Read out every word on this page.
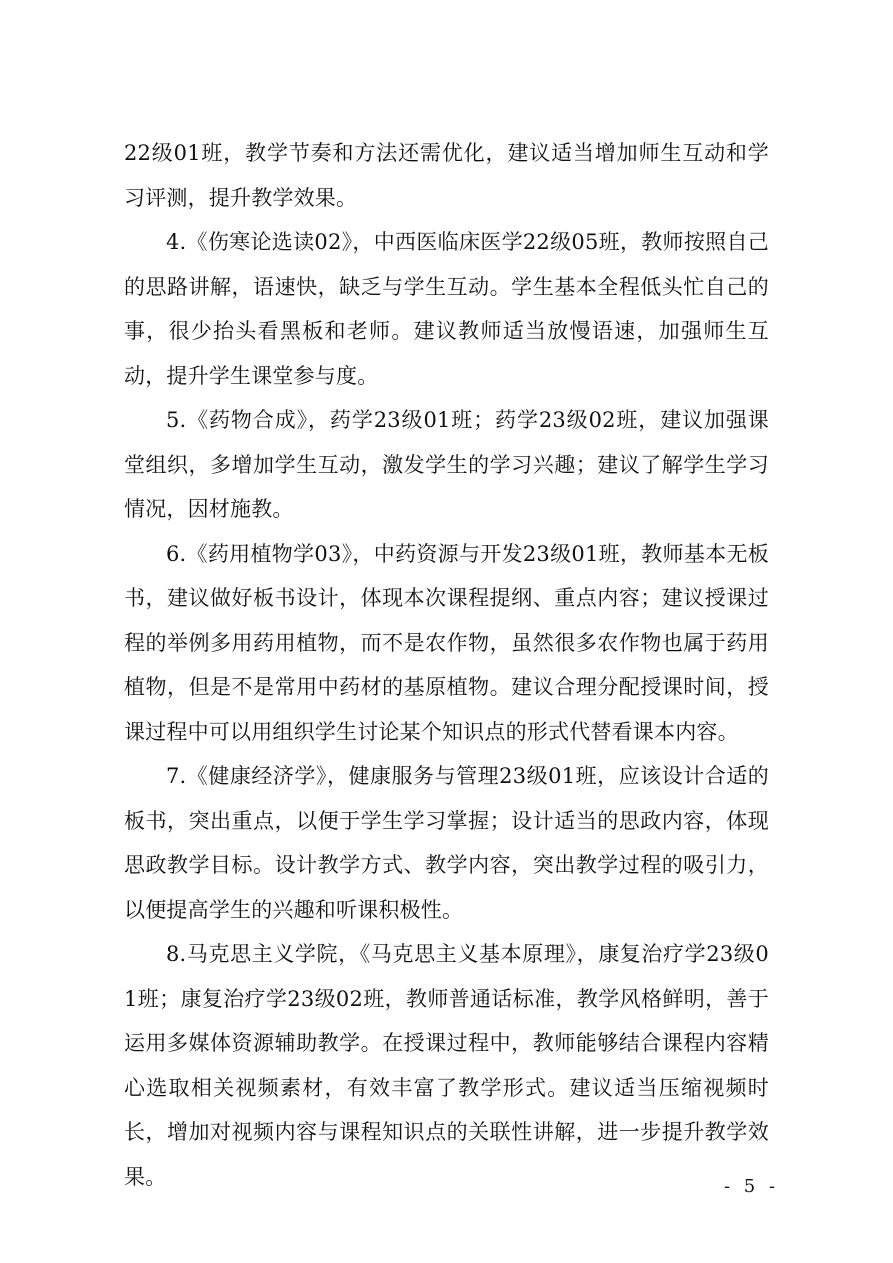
22级01班，教学节奏和方法还需优化，建议适当增加师生互动和学习评测，提升教学效果。

4.《伤寒论选读02》，中西医临床医学22级05班，教师按照自己的思路讲解，语速快，缺乏与学生互动。学生基本全程低头忙自己的事，很少抬头看黑板和老师。建议教师适当放慢语速，加强师生互动，提升学生课堂参与度。

5.《药物合成》，药学23级01班；药学23级02班，建议加强课堂组织，多增加学生互动，激发学生的学习兴趣；建议了解学生学习情况，因材施教。

6.《药用植物学03》，中药资源与开发23级01班，教师基本无板书，建议做好板书设计，体现本次课程提纲、重点内容；建议授课过程的举例多用药用植物，而不是农作物，虽然很多农作物也属于药用植物，但是不是常用中药材的基原植物。建议合理分配授课时间，授课过程中可以用组织学生讨论某个知识点的形式代替看课本内容。

7.《健康经济学》，健康服务与管理23级01班，应该设计合适的板书，突出重点，以便于学生学习掌握；设计适当的思政内容，体现思政教学目标。设计教学方式、教学内容，突出教学过程的吸引力，以便提高学生的兴趣和听课积极性。

8.马克思主义学院，《马克思主义基本原理》，康复治疗学23级01班；康复治疗学23级02班，教师普通话标准，教学风格鲜明，善于运用多媒体资源辅助教学。在授课过程中，教师能够结合课程内容精心选取相关视频素材，有效丰富了教学形式。建议适当压缩视频时长，增加对视频内容与课程知识点的关联性讲解，进一步提升教学效果。	- 5 -
